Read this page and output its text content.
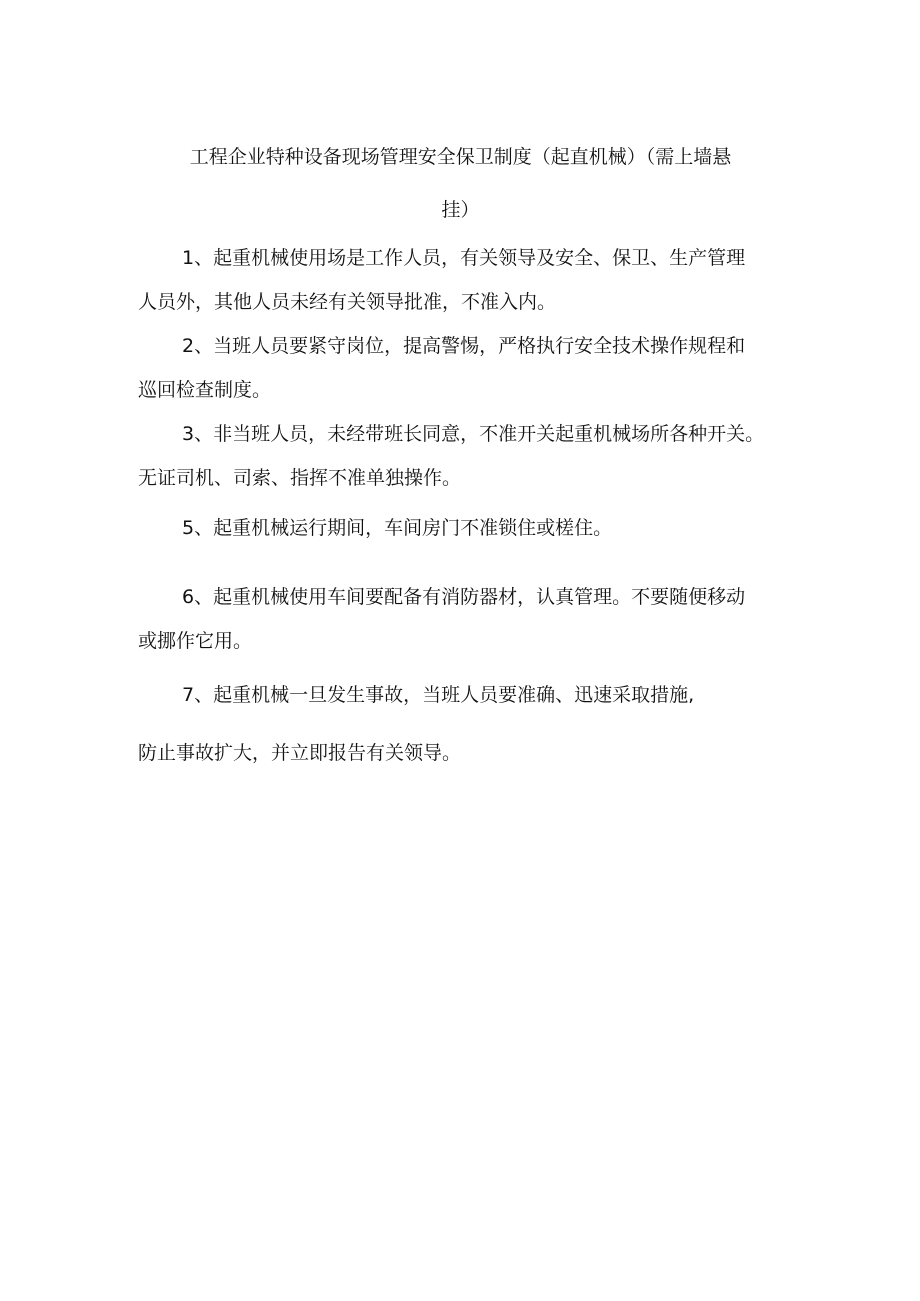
工程企业特种设备现场管理安全保卫制度（起直机械）（需上墙悬
挂）
1、起重机械使用场是工作人员，有关领导及安全、保卫、生产管理
人员外，其他人员未经有关领导批准，不准入内。
2、当班人员要紧守岗位，提高警惕，严格执行安全技术操作规程和
巡回检查制度。
3、非当班人员，未经带班长同意，不准开关起重机械场所各种开关。
无证司机、司索、指挥不准单独操作。
5、起重机械运行期间，车间房门不准锁住或槎住。
6、起重机械使用车间要配备有消防器材，认真管理。不要随便移动
或挪作它用。
7、起重机械一旦发生事故，当班人员要准确、迅速采取措施,
防止事故扩大，并立即报告有关领导。
